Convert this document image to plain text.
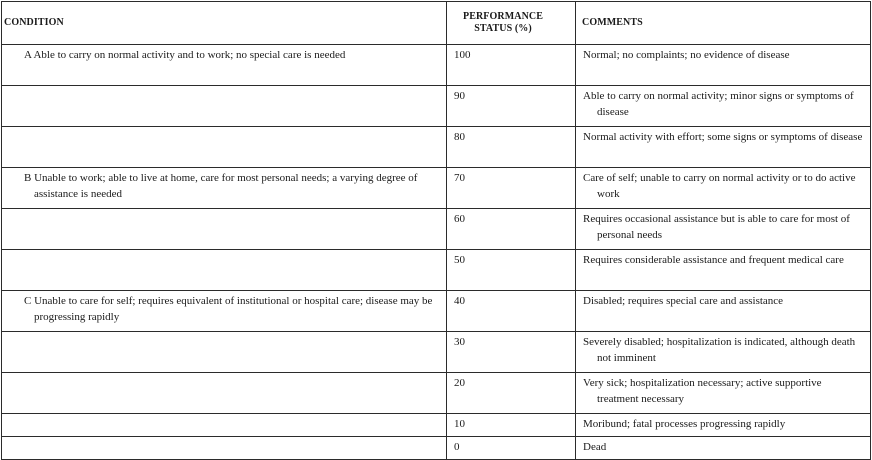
CONDITION	PERFORMANCE STATUS (%)	COMMENTS

A Able to carry on normal activity and to work; no special care is needed	100	Normal; no complaints; no evidence of disease

	90	Able to carry on normal activity; minor signs or symptoms of disease

	80	Normal activity with effort; some signs or symptoms of disease

B Unable to work; able to live at home, care for most personal needs; a varying degree of assistance is needed	70	Care of self; unable to carry on normal activity or to do active work

	60	Requires occasional assistance but is able to care for most of personal needs

	50	Requires considerable assistance and frequent medical care

C Unable to care for self; requires equivalent of institutional or hospital care; disease may be progressing rapidly	40	Disabled; requires special care and assistance

	30	Severely disabled; hospitalization is indicated, although death not imminent

	20	Very sick; hospitalization necessary; active supportive treatment necessary

	10	Moribund; fatal processes progressing rapidly

	0	Dead
